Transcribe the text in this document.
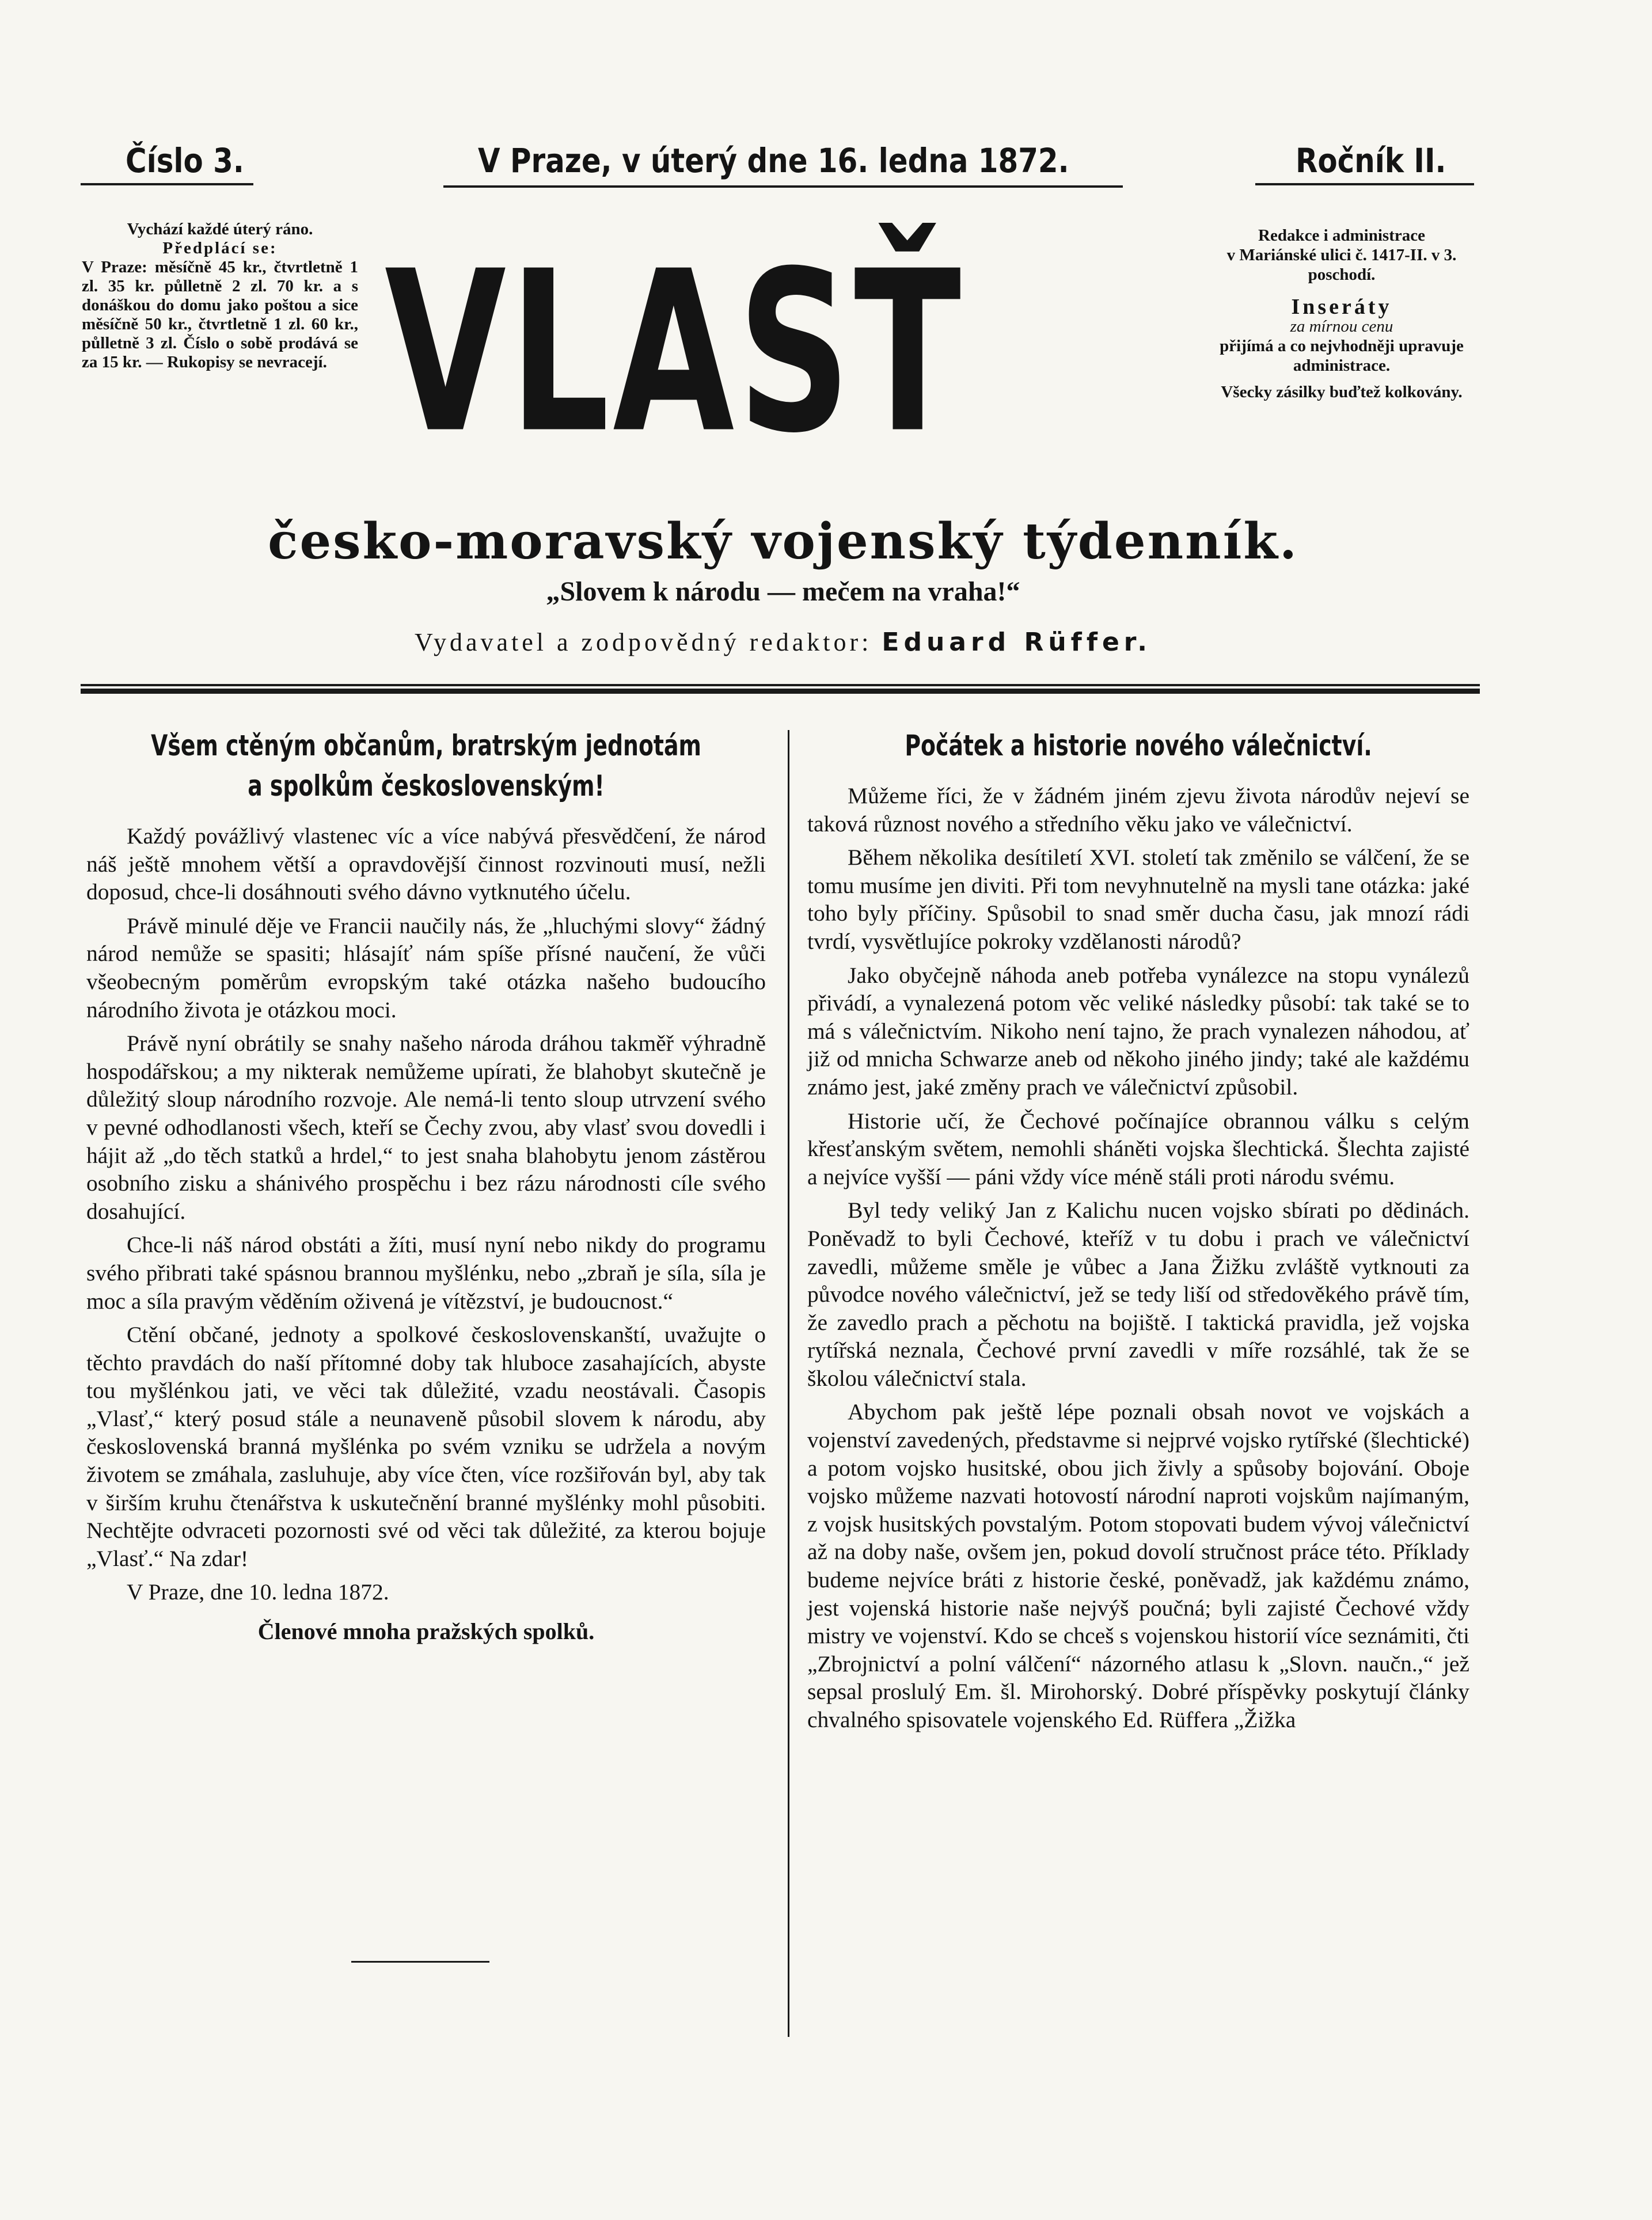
Číslo 3.	V Praze, v úterý dne 16. ledna 1872.	Ročník II.
Vychází každé úterý ráno.
Předplácí se:
V Praze: měsíčně 45 kr., čtvrtletně 1 zl. 35 kr. půlletně 2 zl. 70 kr. a s donáškou do domu jako poštou a sice měsíčně 50 kr., čtvrtletně 1 zl. 60 kr., půlletně 3 zl. Číslo o sobě prodává se za 15 kr. — Rukopisy se nevracejí. VLASŤ	Redakce i administrace
v Mariánské ulici č. 1417-II. v 3. poschodí.
Inseráty
za mírnou cenu
přijímá a co nejvhodněji upravuje administrace.
Všecky zásilky buďtež kolkovány.
česko-moravský vojenský týdenník.
„Slovem k národu — mečem na vraha!“
Vydavatel a zodpovědný redaktor: Eduard Rüffer.
Všem ctěným občanům, bratrským jednotám
a spolkům československým!

Každý povážlivý vlastenec víc a více nabývá přesvědčení, že národ náš ještě mnohem větší a opravdovější činnost rozvinouti musí, nežli doposud, chce-li dosáhnouti svého dávno vytknutého účelu.

Právě minulé děje ve Francii naučily nás, že „hluchými slovy“ žádný národ nemůže se spasiti; hlásajíť nám spíše přísné naučení, že vůči všeobecným poměrům evropským také otázka našeho budoucího národního života je otázkou moci.

Právě nyní obrátily se snahy našeho národa dráhou takměř výhradně hospodářskou; a my nikterak nemůžeme upírati, že blahobyt skutečně je důležitý sloup národního rozvoje. Ale nemá-li tento sloup utrvzení svého v pevné odhodlanosti všech, kteří se Čechy zvou, aby vlasť svou dovedli i hájit až „do těch statků a hrdel,“ to jest snaha blahobytu jenom zástěrou osobního zisku a shánivého prospěchu i bez rázu národnosti cíle svého dosahující.

Chce-li náš národ obstáti a žíti, musí nyní nebo nikdy do programu svého přibrati také spásnou brannou myšlénku, nebo „zbraň je síla, síla je moc a síla pravým věděním oživená je vítězství, je budoucnost.“

Ctění občané, jednoty a spolkové československanští, uvažujte o těchto pravdách do naší přítomné doby tak hluboce zasahajících, abyste tou myšlénkou jati, ve věci tak důležité, vzadu neostávali. Časopis „Vlasť,“ který posud stále a neunaveně působil slovem k národu, aby československá branná myšlénka po svém vzniku se udržela a novým životem se zmáhala, zasluhuje, aby více čten, více rozšiřován byl, aby tak v širším kruhu čtenářstva k uskutečnění branné myšlénky mohl působiti. Nechtějte odvraceti pozornosti své od věci tak důležité, za kterou bojuje „Vlasť.“ Na zdar!

V Praze, dne 10. ledna 1872.

Členové mnoha pražských spolků.
Počátek a historie nového válečnictví.

Můžeme říci, že v žádném jiném zjevu života národův nejeví se taková různost nového a středního věku jako ve válečnictví.

Během několika desítiletí XVI. století tak změnilo se válčení, že se tomu musíme jen diviti. Při tom nevyhnutelně na mysli tane otázka: jaké toho byly příčiny. Spůsobil to snad směr ducha času, jak mnozí rádi tvrdí, vysvětlujíce pokroky vzdělanosti národů?

Jako obyčejně náhoda aneb potřeba vynálezce na stopu vynálezů přivádí, a vynalezená potom věc veliké následky působí: tak také se to má s válečnictvím. Nikoho není tajno, že prach vynalezen náhodou, ať již od mnicha Schwarze aneb od někoho jiného jindy; také ale každému známo jest, jaké změny prach ve válečnictví způsobil.

Historie učí, že Čechové počínajíce obrannou válku s celým křesťanským světem, nemohli sháněti vojska šlechtická. Šlechta zajisté a nejvíce vyšší — páni vždy více méně stáli proti národu svému.

Byl tedy veliký Jan z Kalichu nucen vojsko sbírati po dědinách. Poněvadž to byli Čechové, kteříž v tu dobu i prach ve válečnictví zavedli, můžeme směle je vůbec a Jana Žižku zvláště vytknouti za původce nového válečnictví, jež se tedy liší od středověkého právě tím, že zavedlo prach a pěchotu na bojiště. I taktická pravidla, jež vojska rytířská neznala, Čechové první zavedli v míře rozsáhlé, tak že se školou válečnictví stala.

Abychom pak ještě lépe poznali obsah novot ve vojskách a vojenství zavedených, představme si nejprvé vojsko rytířské (šlechtické) a potom vojsko husitské, obou jich živly a spůsoby bojování. Oboje vojsko můžeme nazvati hotovostí národní naproti vojskům najímaným, z vojsk husitských povstalým. Potom stopovati budem vývoj válečnictví až na doby naše, ovšem jen, pokud dovolí stručnost práce této. Příklady budeme nejvíce bráti z historie české, poněvadž, jak každému známo, jest vojenská historie naše nejvýš poučná; byli zajisté Čechové vždy mistry ve vojenství. Kdo se chceš s vojenskou historií více seznámiti, čti „Zbrojnictví a polní válčení“ názorného atlasu k „Slovn. naučn.,“ jež sepsal proslulý Em. šl. Mirohorský. Dobré příspěvky poskytují články chvalného spisovatele vojenského Ed. Rüffera „Žižka
